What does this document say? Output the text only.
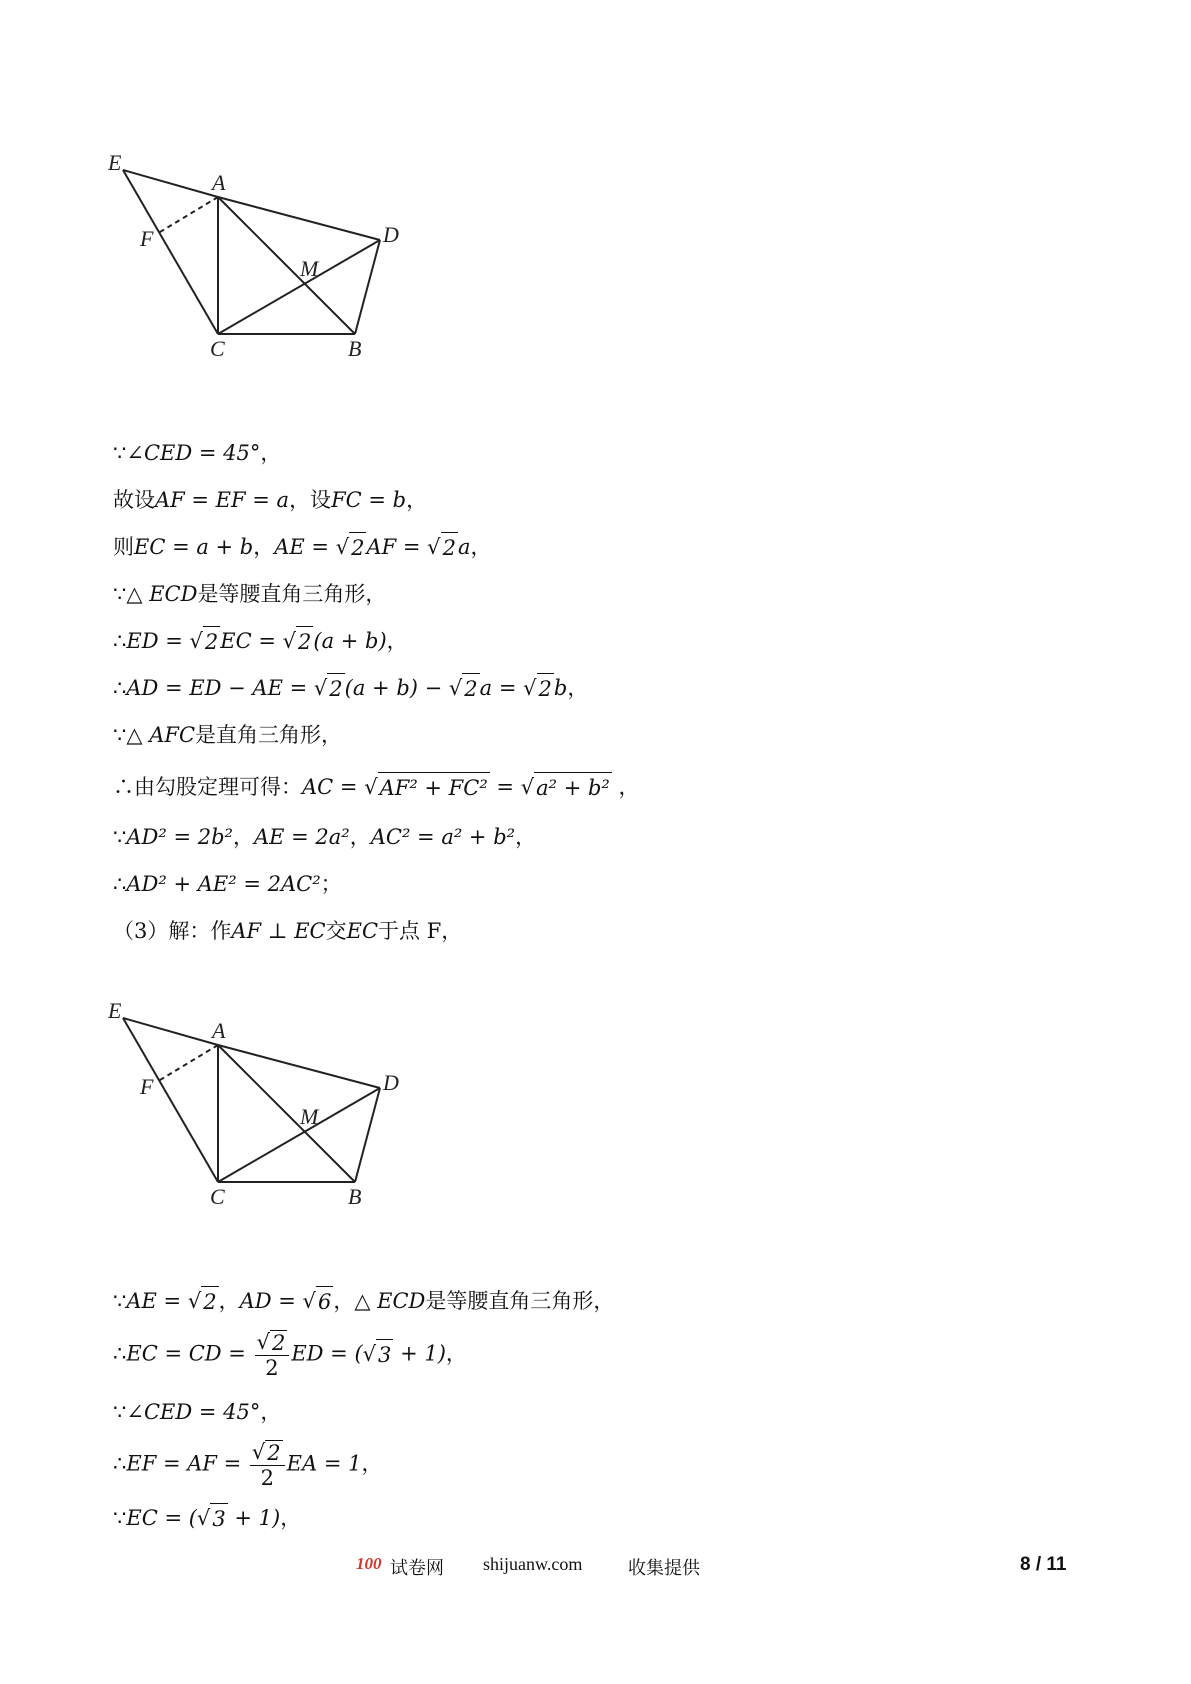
E
A
F	D
M
C	B
∵∠CED = 45°，
故设AF = EF = a，设FC = b，
则EC = a + b，AE = √ 2 AF = √ 2 a，
∵△ ECD是等腰直角三角形，
∴ED = √ 2 EC = √ 2 (a + b)，
∴AD = ED − AE = √ 2 (a + b) − √ 2 a = √ 2 b，
∵△ AFC是直角三角形，
∴由勾股定理可得：AC = √ AF² + FC² = √ a² + b² ，
∵AD² = 2b²，AE = 2a²，AC² = a² + b²，
∴AD² + AE² = 2AC²；
（3）解：作AF ⊥ EC交EC于点 F，
E
A
F	D
M
C	B
∵AE = √ 2 ，AD = √ 6 ，△ ECD是等腰直角三角形，
∴EC = CD = $\frac{√ 2}{2}$ ED = ( √ 3 + 1)，
∵∠CED = 45°，
∴EF = AF = $\frac{√ 2}{2}$ EA = 1，
∵EC = ( √ 3 + 1)，
100 试卷网 shijuanw.com	收集提供	8 / 11
